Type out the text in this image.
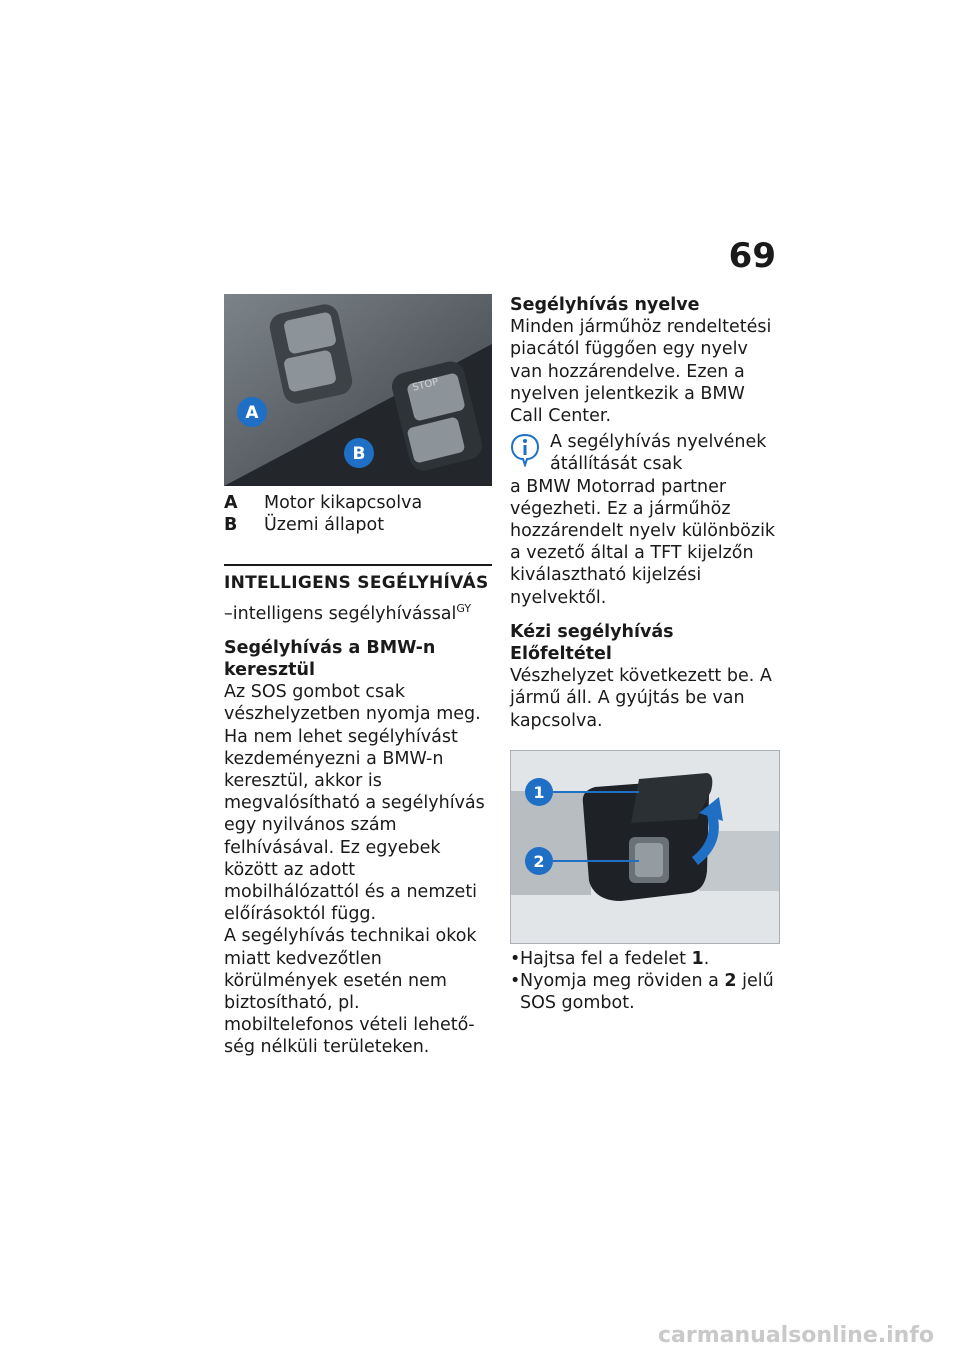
69
STOP
A
B
A	Motor kikapcsolva
B	Üzemi állapot
INTELLIGENS SEGÉLYHÍVÁS
–intelligens segélyhívással$^{GY}$
Segélyhívás a BMW-n keresztül

Az SOS gombot csak vészhelyzetben nyomja meg.

Ha nem lehet segélyhívást kezdeményezni a BMW-n keresztül, akkor is megvalósítható a segélyhívás egy nyilvános szám felhívásával. Ez egyebek között az adott mobilhálózattól és a nemzeti előírásoktól függ.

A segélyhívás technikai okok miatt kedvezőtlen körülmények esetén nem biztosítható, pl. mobiltelefonos vételi lehetőség nélküli területeken.

Segélyhívás nyelve

Minden járműhöz rendeltetési piacától függően egy nyelv van hozzárendelve. Ezen a nyelven jelentkezik a BMW Call Center.

A segélyhívás nyelvének átállítását csak

a BMW Motorrad partner végezheti. Ez a járműhöz hozzárendelt nyelv különbözik a vezető által a TFT kijelzőn kiválasztható kijelzési nyelvektől.

Kézi segélyhívás
Előfeltétel

Vészhelyzet következett be. A jármű áll. A gyújtás be van kapcsolva.

1
2
• Hajtsa fel a fedelet 1.
• Nyomja meg röviden a 2 jelű SOS gombot.
carmanualsonline.info
